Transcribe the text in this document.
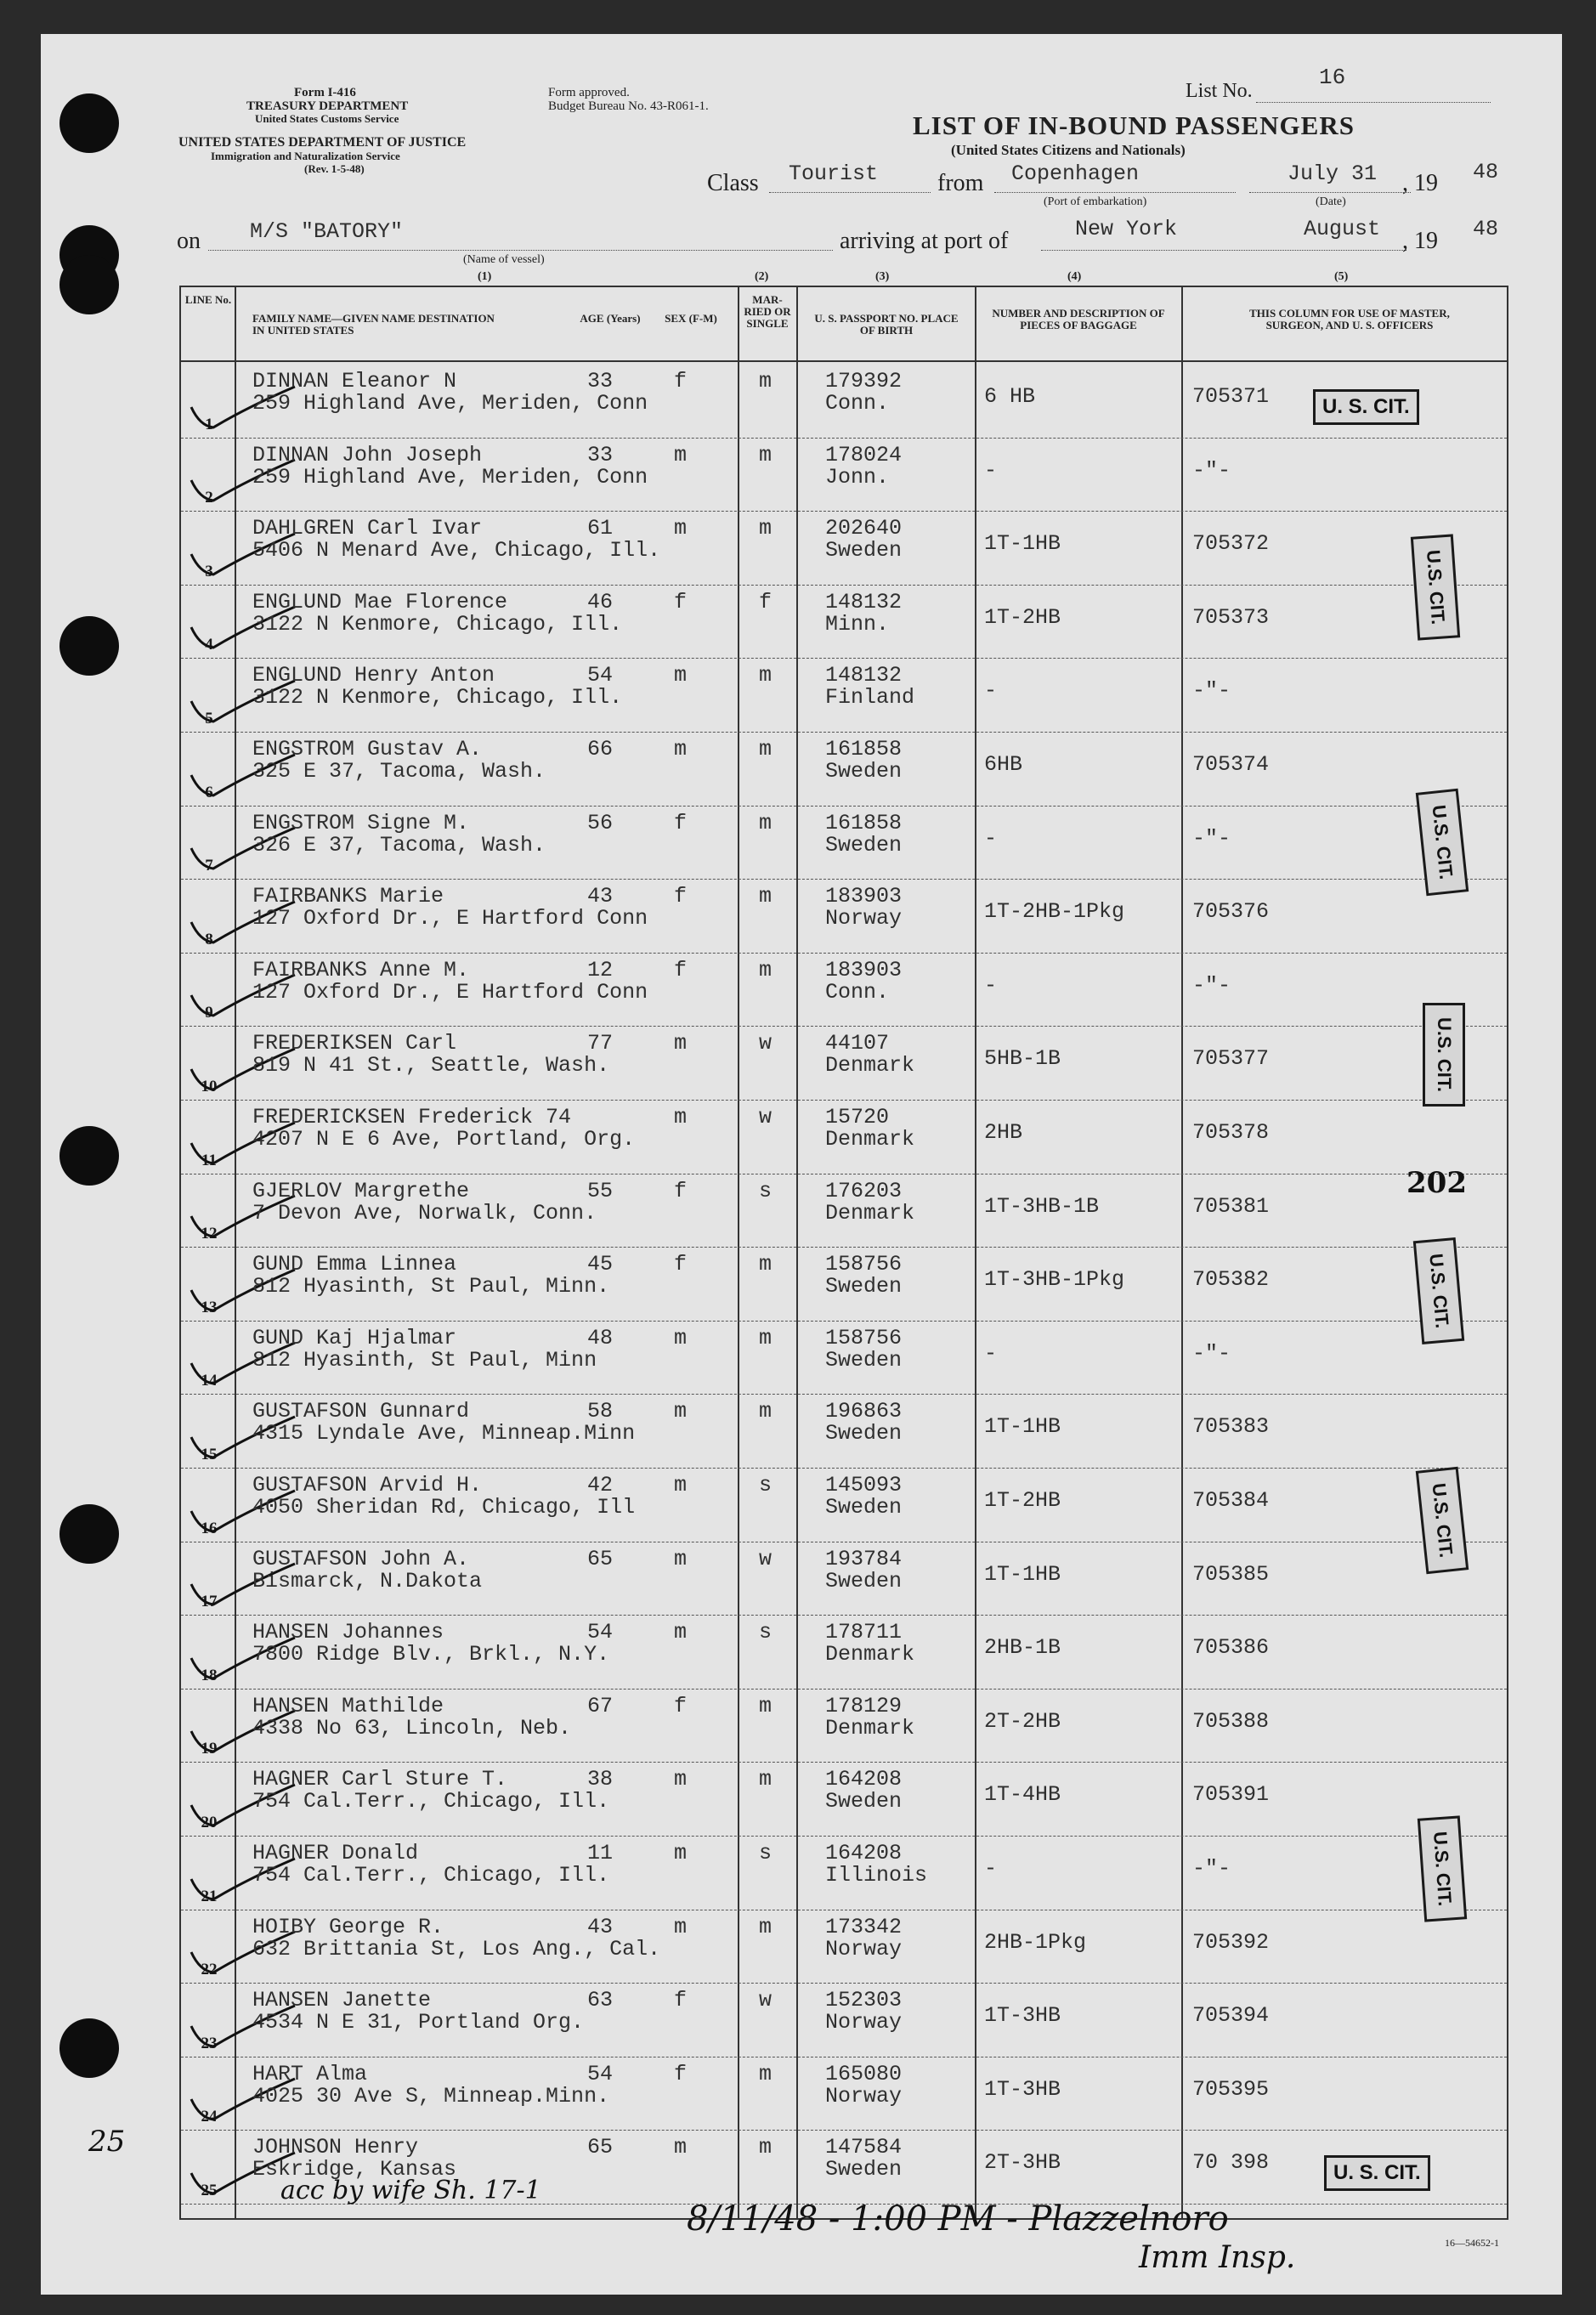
Form I-416
TREASURY DEPARTMENT
United States Customs Service
UNITED STATES DEPARTMENT OF JUSTICE
Immigration and Naturalization Service
(Rev. 1-5-48)
Form approved.
Budget Bureau No. 43-R061-1.
List No.
16
LIST OF IN-BOUND PASSENGERS
(United States Citizens and Nationals)
Class Tourist from Copenhagen
(Port of embarkation)
July 31
(Date)
, 19 48
on M/S "BATORY"
(Name of vessel)
arriving at port of	New York	August , 19 48
(1)	(2)	(3)	(4)	(5)
LINE No.
FAMILY NAME—GIVEN NAME DESTINATION IN UNITED STATES
AGE (Years)	SEX (F-M)
MAR-RIED OR SINGLE	U. S. PASSPORT NO. PLACE OF BIRTH
NUMBER AND DESCRIPTION OF PIECES OF BAGGAGE
THIS COLUMN FOR USE OF MASTER, SURGEON, AND U. S. OFFICERS
1
DINNAN Eleanor N	33	f	m	179392
259 Highland Ave, Meriden, Conn	Conn.	6 HB	705371
2
DINNAN John Joseph	33	m	m	178024
259 Highland Ave, Meriden, Conn	Jonn.	-	-"-
3
DAHLGREN Carl Ivar	61	m	m	202640
5406 N Menard Ave, Chicago, Ill.	Sweden	1T-1HB	705372
4
ENGLUND Mae Florence	46	f	f	148132
3122 N Kenmore, Chicago, Ill.	Minn.	1T-2HB	705373
5
ENGLUND Henry Anton	54	m	m	148132
3122 N Kenmore, Chicago, Ill.	Finland	-	-"-
6
ENGSTROM Gustav A.	66	m	m	161858
325 E 37, Tacoma, Wash.	Sweden	6HB	705374
7
ENGSTROM Signe M.	56	f	m	161858
326 E 37, Tacoma, Wash.	Sweden	-	-"-
8
FAIRBANKS Marie	43	f	m	183903
127 Oxford Dr., E Hartford Conn	Norway	1T-2HB-1Pkg	705376
9
FAIRBANKS Anne M.	12	f	m	183903
127 Oxford Dr., E Hartford Conn	Conn.	-	-"-
10
FREDERIKSEN Carl	77	m	w	44107
819 N 41 St., Seattle, Wash.	Denmark	5HB-1B	705377
11
FREDERICKSEN Frederick 74	m	w	15720
4207 N E 6 Ave, Portland, Org.	Denmark	2HB	705378
12
GJERLOV Margrethe	55	f	s	176203
7 Devon Ave, Norwalk, Conn.	Denmark	1T-3HB-1B	705381
13
GUND Emma Linnea	45	f	m	158756
812 Hyasinth, St Paul, Minn.	Sweden	1T-3HB-1Pkg	705382
14
GUND Kaj Hjalmar	48	m	m	158756
812 Hyasinth, St Paul, Minn	Sweden	-	-"-
15
GUSTAFSON Gunnard	58	m	m	196863
4315 Lyndale Ave, Minneap.Minn	Sweden	1T-1HB	705383
16
GUSTAFSON Arvid H.	42	m	s	145093
4050 Sheridan Rd, Chicago, Ill	Sweden	1T-2HB	705384
17
GUSTAFSON John A.	65	m	w	193784
Bismarck, N.Dakota	Sweden	1T-1HB	705385
18
HANSEN Johannes	54	m	s	178711
7800 Ridge Blv., Brkl., N.Y.	Denmark	2HB-1B	705386
19
HANSEN Mathilde	67	f	m	178129
4338 No 63, Lincoln, Neb.	Denmark	2T-2HB	705388
20
HAGNER Carl Sture T.	38	m	m	164208
754 Cal.Terr., Chicago, Ill.	Sweden	1T-4HB	705391
21
HAGNER Donald	11	m	s	164208
754 Cal.Terr., Chicago, Ill.	Illinois	-	-"-
22
HOIBY George R.	43	m	m	173342
632 Brittania St, Los Ang., Cal.	Norway	2HB-1Pkg	705392
23
HANSEN Janette	63	f	w	152303
4534 N E 31, Portland Org.	Norway	1T-3HB	705394
24
HART Alma	54	f	m	165080
4025 30 Ave S, Minneap.Minn.	Norway	1T-3HB	705395
25
JOHNSON Henry	65	m	m	147584
Eskridge, Kansas	Sweden	2T-3HB	70 398
U. S. CIT.
U.S. CIT.
U.S. CIT.
U.S. CIT.
U.S. CIT.
U.S. CIT.
U.S. CIT.
U. S. CIT.
202
acc by wife Sh. 17-1
8/11/48 - 1:00 PM - Plazzelnoro
Imm Insp.
25
16—54652-1
